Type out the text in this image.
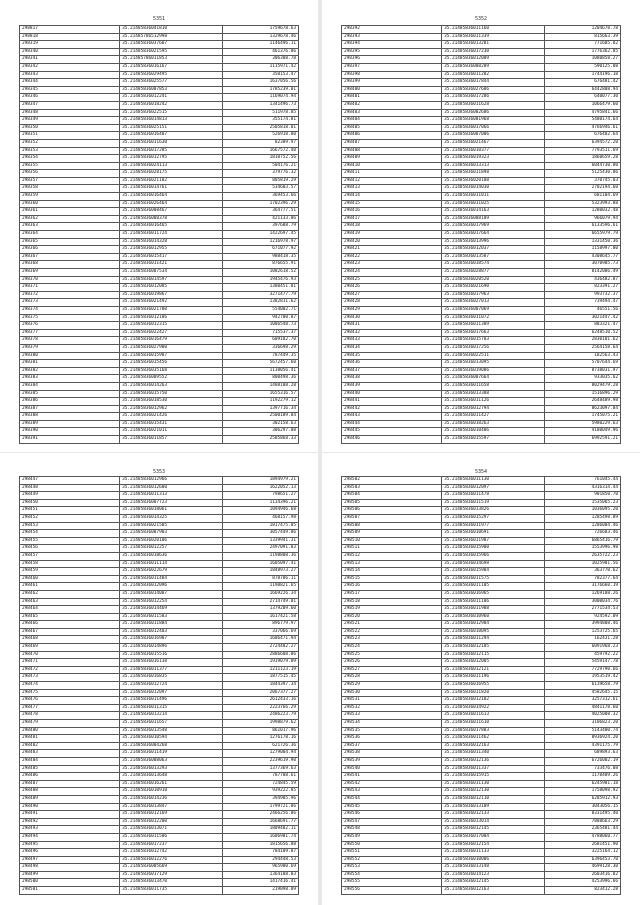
5351
298817	35.21485836041810	1759678.63
298818	35.21485786512998	1329678.46
298319	35.21485836037607	1146496.11
298340	35.21485836021595	461376.86
298341	35.21485786011853	306308.78
298342	35.21485836016167	1115971.42
298343	35.21485836029495	350153.47
298344	35.21485836025577	1637056.56
298345	35.21485836007853	1785239.01
298346	35.21485836012241	1169074.94
298347	35.21485836018242	1341496.73
298348	35.21485836022515	511978.85
298349	35.21485836014813	355174.81
298350	35.21485836025151	2505818.01
298351	35.21485836016407	526918.80
298352	35.21485836011630	82389.97
298353	35.21485836017285	1667572.40
298354	35.21485836012795	1810752.56
298355	35.21485836024113	504176.21
298356	35.21485836028175	379776.32
298357	35.21485836021182	805819.29
298358	35.21485836014761	534603.57
298359	35.21485836016464	369453.66
298360	35.21485836026464	1702396.29
298361	35.21485836008467	364777.51
298362	35.21485836008378	421133.86
298363	35.21485836016465	397688.79
298364	35.21485836011724	1422697.45
298365	35.21485836014328	1216978.97
298366	35.21485836012955	671077.92
298367	35.21485836015417	988418.35
298368	35.21485836011421	876655.91
298369	35.21485836007534	1082618.52
298370	35.21485836014597	1945476.93
298371	35.21485836012085	1380451.81
298372	35.21485836019867	3271477.79
298373	35.21485836021492	1382811.62
298374	35.21485836021780	554002.71
298375	35.21485836012186	942700.87
298376	35.21485836012315	1086548.73
298377	35.21485836022427	715537.37
298378	35.21485836016479	609182.70
298379	35.21485836027900	336698.29
298380	35.21485836015987	787449.35
298381	35.21485836015456	5672457.60
298382	35.21485836035168	1138056.41
298383	35.21485836009552	800498.36
298384	35.21485836014263	1488108.28
298385	35.21485836015750	1655316.57
298386	35.21485836018530	1192279.12
298387	35.21485836012962	1397716.34
298388	35.21485836021426	2500189.84
298389	35.21485836015431	302158.63
298390	35.21485836021011	306297.08
298391	35.21485836011857	2585868.33
5352
298392	35.21485836011160	1204678.78
298393	35.21485836011339	815663.39
298394	35.21485836013281	771685.82
298395	35.21485836017230	1776362.85
298396	35.21485836012009	1080858.27
298397	35.21485836008289	590125.88
298398	35.21485836011282	1744196.18
298399	35.21485836017844	676481.42
298400	35.21485836027686	6442808.94
298401	35.21485836017286	640077.30
298402	35.21485836011628	1066479.60
298403	35.21485836002686	4795841.66
298404	35.21485836001968	5480174.64
298405	35.21485836017066	4766946.61
298406	35.21485836007006	676482.64
298407	35.21485836021467	6394572.20
298408	35.21485836010377	7793511.69
298409	35.21485836019323	1860659.28
298410	35.21485836013313	6044730.80
298411	35.21485836011898	5125430.86
298412	35.21485836020108	370745.03
298413	35.21485836014030	2702194.60
298414	35.21485836011011	681104.69
298415	35.21485836011025	5323993.88
298416	35.21485836014163	1280032.48
298417	35.21485836008189	966079.94
298418	35.21485836017969	6133596.61
298419	35.21485836017664	6655979.79
298420	35.21485836013996	1331450.36
298421	35.21485836012037	1158997.80
298422	35.21485836013587	4308645.77
298423	35.21485836018574	3070905.73
298424	35.21485836028877	8142086.49
298425	35.21485836020520	436482.87
298426	35.21485836021690	823391.27
298427	35.21485836017963	993732.37
298428	35.21485836027013	739494.47
298429	35.21485836007069	46551.56
298430	35.21485836011072	3021447.42
298431	35.21485836011309	883321.47
298432	35.21485836017663	6248510.52
298433	35.21485836015783	2830101.62
298434	35.21485836017256	2564158.64
298435	35.21485836022511	182563.43
298436	35.21485836013095	5707644.69
298437	35.21485836019086	8738031.97
298438	35.21485836007664	933035.62
298439	35.21485836011658	8029479.28
298440	35.21485836013388	1516896.29
298441	35.21485836011126	2648489.98
298442	35.21485836012794	8623097.84
298443	35.21485836011427	1745075.21
298444	35.21485836018263	5980229.63
298445	35.21485836010406	4180049.96
298446	35.21485836015597	6992591.21
5353
298447	35.21485836012966	1894979.21
298448	35.21485836012680	1622052.13
298449	35.21485836011313	798651.27
298450	35.21485836007723	1134396.21
298451	35.21485836018061	1094946.68
298452	35.21485836014325	468157.98
298453	35.21485836021505	1817475.05
298454	35.21485836007903	3057449.86
298455	35.21485836020106	1339941.31
298456	35.21485836012257	2497091.03
298457	35.21485836018636	1198808.36
298458	35.21485836011114	1605097.41
298459	35.21485836022679	1848973.27
298460	35.21485836011484	878706.11
298461	35.21485836012096	1198821.65
298462	35.21485836014007	1669226.34
298463	35.21485836012254	2714749.01
298464	35.21485836014469	1379209.60
298465	35.21485836011583	1617421.58
298466	35.21485836011884	896779.97
298467	35.21485836012403	337066.69
298468	35.21485836016907	1686471.94
298469	35.21485836014896	2724482.27
298470	35.21485836015516	2886608.86
298471	35.21485836016138	1919079.09
298472	35.21485836011377	1211123.19
298473	35.21485836016835	1877515.45
298474	35.21485836012724	1844397.34
298475	35.21485836012097	2067377.27
298476	35.21485836011496	2612433.16
298477	35.21485836011315	2223766.29
298478	35.21485836013214	2486223.79
298479	35.21485836011657	1998879.62
298480	35.21485836013548	861017.96
298481	35.21485836010594	1276178.16
298482	35.21485836004268	621726.36
298483	35.21485836011419	1279004.94
298484	35.21485836008063	2239619.90
298485	35.21485836013293	1377369.63
298486	35.21485836013648	787788.61
298487	35.21485836016261	724845.59
298488	35.21485836010910	939222.85
298489	35.21485836014236	394985.96
298490	35.21485836013847	1799721.86
298491	35.21485836012169	2466256.86
298492	35.21485836012200	1668691.77
298493	35.21485836013071	1809482.11
298494	35.21485836011506	1686981.74
298495	35.21485836017237	1815656.88
298496	35.21485836012742	784109.87
298497	35.21485836012276	294448.53
298498	35.21485836005669	965980.69
298499	35.21485836017129	1364188.03
298500	35.21485836013470	1417416.41
298501	35.21485836011735	219098.89
5354
298502	35.21485836011130	761045.44
298503	35.21485836012097	4316314.44
298504	35.21485836011478	901850.70
298505	35.21485836011519	1535065.23
298506	35.21485836013826	1036095.20
298507	35.21485836015297	1285498.89
298508	35.21485836011977	1286004.46
298509	35.21485836010691	726683.46
298510	35.21485836011987	6865416.79
298511	35.21485836015900	1553996.98
298512	35.21485836015966	2635722.23
298513	35.21485836014698	1025981.56
298514	35.21485836015904	363770.62
298515	35.21485836011575	782377.64
298516	35.21485836011105	3176660.19
298517	35.21485836016965	1269108.26
298518	35.21485836011106	3000034.76
298519	35.21485836011988	2771534.53
298520	35.21485836010960	924592.09
298521	35.21485836012904	3994808.46
298522	35.21485836010095	1253725.65
298523	35.21485836011294	162431.28
298524	35.21485836012105	6091968.23
298525	35.21485836012115	459792.22
298526	35.21485836012005	5459147.78
298527	35.21485836012121	7729790.66
298528	35.21485836011196	1953519.42
298529	35.21485836016955	6139658.79
298530	35.21485836011820	4582645.15
298531	35.21485836012182	3257312.61
298532	35.21485836014922	4841178.60
298533	35.21485836011613	4025008.32
298534	35.21485836011610	3106823.20
298535	35.21485836017883	5143400.74
298536	35.21485836011462	8936924.20
298537	35.21485836012163	4391175.79
298538	35.21485836011340	689893.63
298539	35.21485836012136	6726002.19
298540	35.21485836011337	733476.08
298541	35.21485836015915	1178489.26
298542	35.21485836011130	6245981.18
298543	35.21485836012130	1758098.92
298544	35.21485836012110	6285912.93
298545	35.21485836013109	3043056.15
298546	35.21485836012133	8331495.40
298547	35.21485836013014	7888663.29
298548	35.21485836012145	2365481.44
298549	35.21485836017004	4788060.77
298550	35.21485836012154	2681451.90
298551	35.21485836011133	3225164.12
298552	35.21485836010006	6396453.70
298553	35.21485836013148	4699128.30
298554	35.21485836014123	2603416.82
298555	35.21485836012145	4253996.66
298556	35.21485836012163	823412.28
